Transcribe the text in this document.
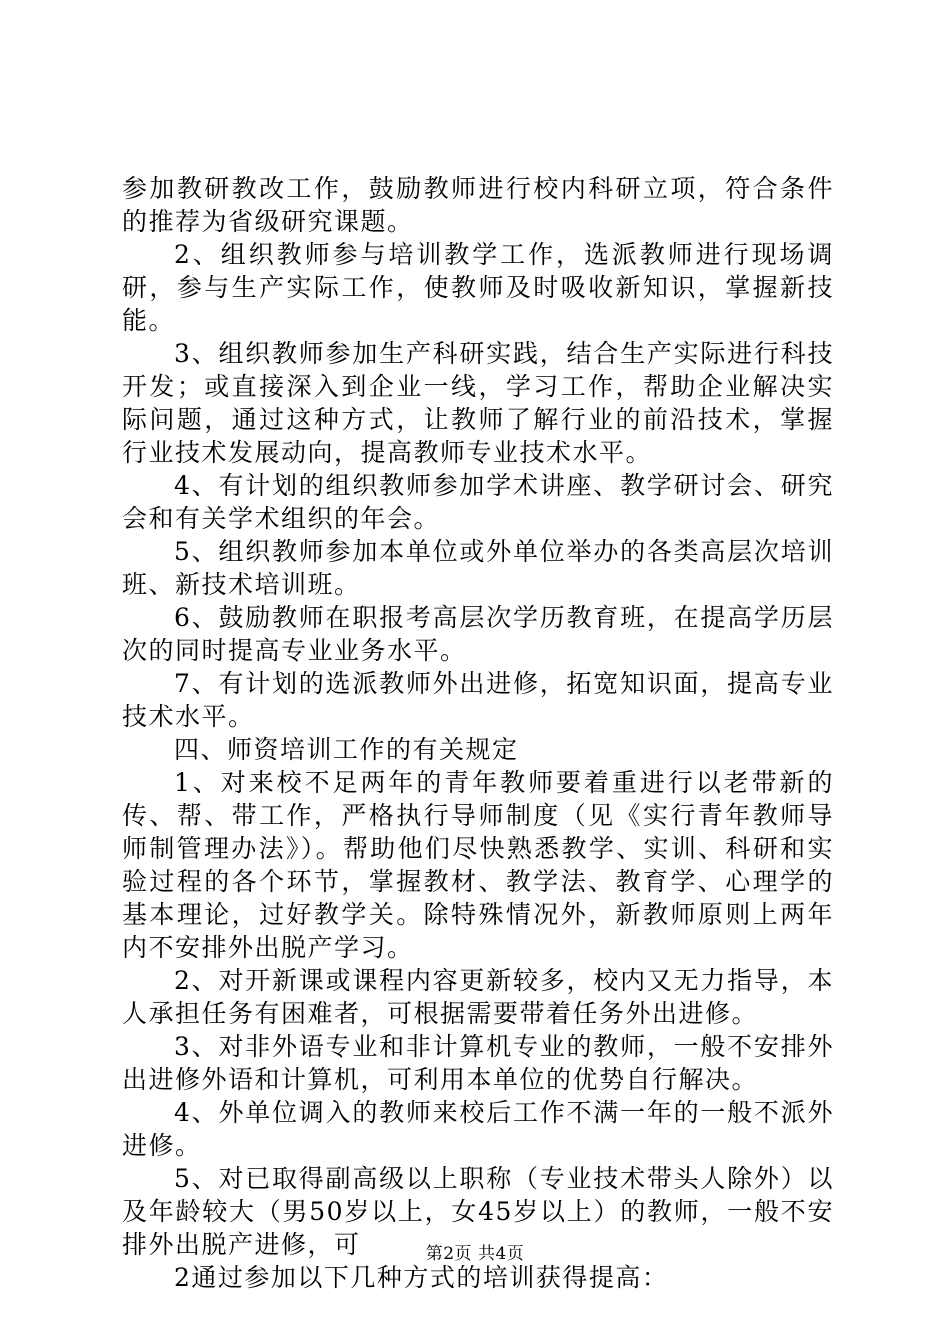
参加教研教改工作，鼓励教师进行校内科研立项，符合条件的推荐为省级研究课题。

2、组织教师参与培训教学工作，选派教师进行现场调研，参与生产实际工作，使教师及时吸收新知识，掌握新技能。

3、组织教师参加生产科研实践，结合生产实际进行科技开发；或直接深入到企业一线，学习工作，帮助企业解决实际问题，通过这种方式，让教师了解行业的前沿技术，掌握行业技术发展动向，提高教师专业技术水平。

4、有计划的组织教师参加学术讲座、教学研讨会、研究会和有关学术组织的年会。

5、组织教师参加本单位或外单位举办的各类高层次培训班、新技术培训班。

6、鼓励教师在职报考高层次学历教育班，在提高学历层次的同时提高专业业务水平。

7、有计划的选派教师外出进修，拓宽知识面，提高专业技术水平。

四、师资培训工作的有关规定

1、对来校不足两年的青年教师要着重进行以老带新的传、帮、带工作，严格执行导师制度（见《实行青年教师导师制管理办法》）。帮助他们尽快熟悉教学、实训、科研和实验过程的各个环节，掌握教材、教学法、教育学、心理学的基本理论，过好教学关。除特殊情况外，新教师原则上两年内不安排外出脱产学习。

2、对开新课或课程内容更新较多，校内又无力指导，本人承担任务有困难者，可根据需要带着任务外出进修。

3、对非外语专业和非计算机专业的教师，一般不安排外出进修外语和计算机，可利用本单位的优势自行解决。

4、外单位调入的教师来校后工作不满一年的一般不派外进修。

5、对已取得副高级以上职称（专业技术带头人除外）以及年龄较大（男50岁以上，女45岁以上）的教师，一般不安排外出脱产进修，可

2通过参加以下几种方式的培训获得提高：

第2页 共4页
